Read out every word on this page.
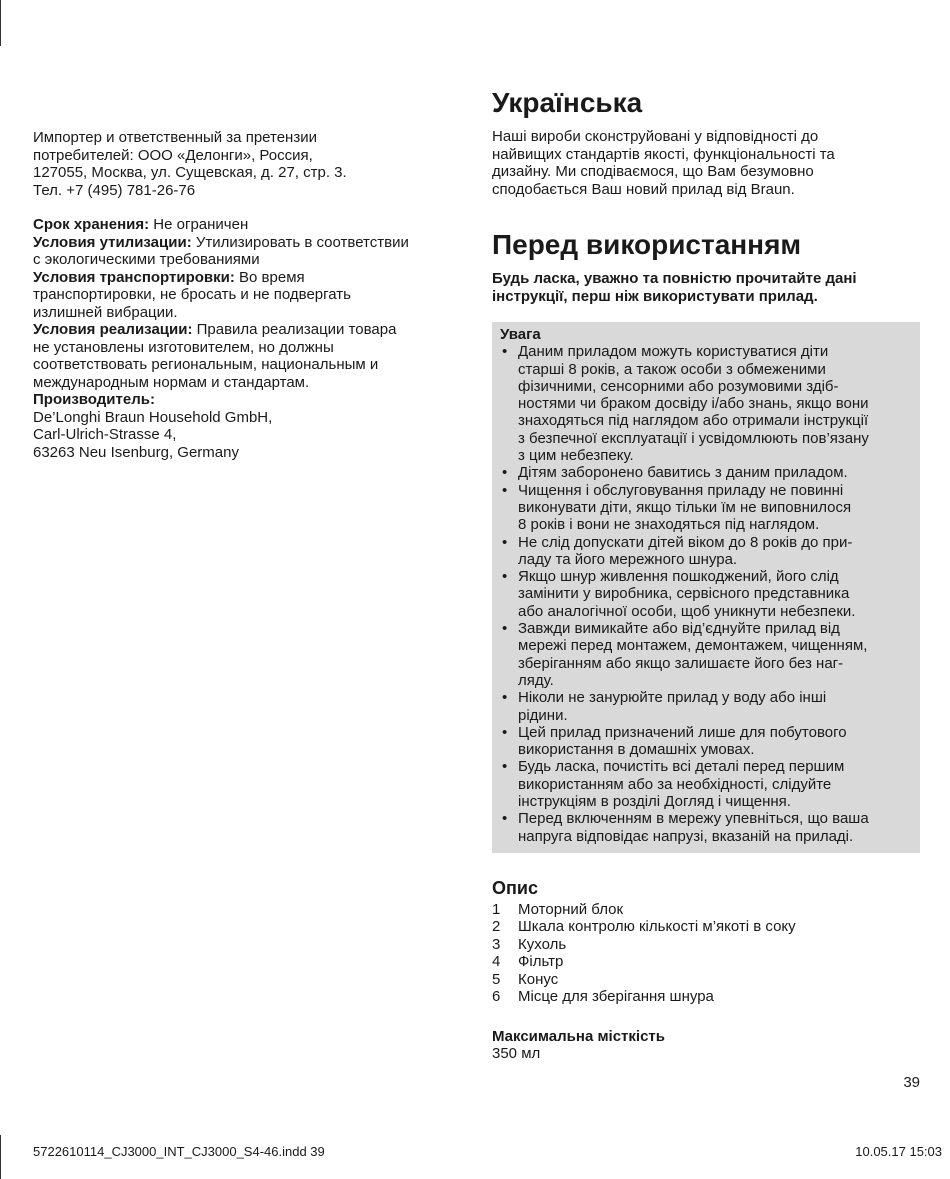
Импортер и ответственный за претензии

потребителей: ООО «Делонги», Россия,

127055, Москва, ул. Сущевская, д. 27, стр. 3.

Тел. +7 (495) 781-26-76

Срок хранения: Не ограничен

Условия утилизации: Утилизировать в соответствии

с экологическими требованиями

Условия транспортировки: Во время

транспортировки, не бросать и не подвергать

излишней вибрации.

Условия реализации: Правила реализации товара

не установлены изготовителем, но должны

соответствовать региональным, национальным и

международным нормам и стандартам.

Производитель:

De’Longhi Braun Household GmbH,

Carl-Ulrich-Strasse 4,

63263 Neu Isenburg, Germany

Українська
Наші вироби сконструйовані у відповідності до
найвищих стандартів якості, функціональності та
дизайну. Ми сподіваємося, що Вам безумовно
сподобається Ваш новий прилад від Braun.
Перед використанням
Будь ласка, уважно та повністю прочитайте дані
інструкції, перш ніж використувати прилад.
Увага
• Даним приладом можуть користуватися діти
старші 8 років, а також особи з обмеженими
фізичними, сенсорними або розумовими здіб-
ностями чи браком досвіду і/або знань, якщо вони
знаходяться під наглядом або отримали інструкції
з безпечної експлуатації і усвідомлюють пов’язану
з цим небезпеку.
• Дітям заборонено бавитись з даним приладом.
• Чищення і обслуговування приладу не повинні
виконувати діти, якщо тільки їм не виповнилося
8 років і вони не знаходяться під наглядом.
• Не слід допускати дітей віком до 8 років до при-
ладу та його мережного шнура.
• Якщо шнур живлення пошкоджений, його слід
замінити у виробника, сервісного представника
або аналогічної особи, щоб уникнути небезпеки.
• Завжди вимикайте або від’єднуйте прилад від
мережі перед монтажем, демонтажем, чищенням,
зберіганням або якщо залишаєте його без наг-
ляду.
• Ніколи не занурюйте прилад у воду або інші
рідини.
• Цей прилад призначений лише для побутового
використання в домашніх умовах.
• Будь ласка, почистіть всі деталі перед першим
використанням або за необхідності, слідуйте
інструкціям в розділі Догляд і чищення.
• Перед включенням в мережу упевніться, що ваша
напруга відповідає напрузі, вказаній на приладі.
Опис
1	Моторний блок
2	Шкала контролю кількості м’якоті в соку
3	Кухоль
4	Фільтр
5	Конус
6	Місце для зберігання шнура
Максимальна місткість

350 мл

39
5722610114_CJ3000_INT_CJ3000_S4-46.indd 39	10.05.17 15:03
